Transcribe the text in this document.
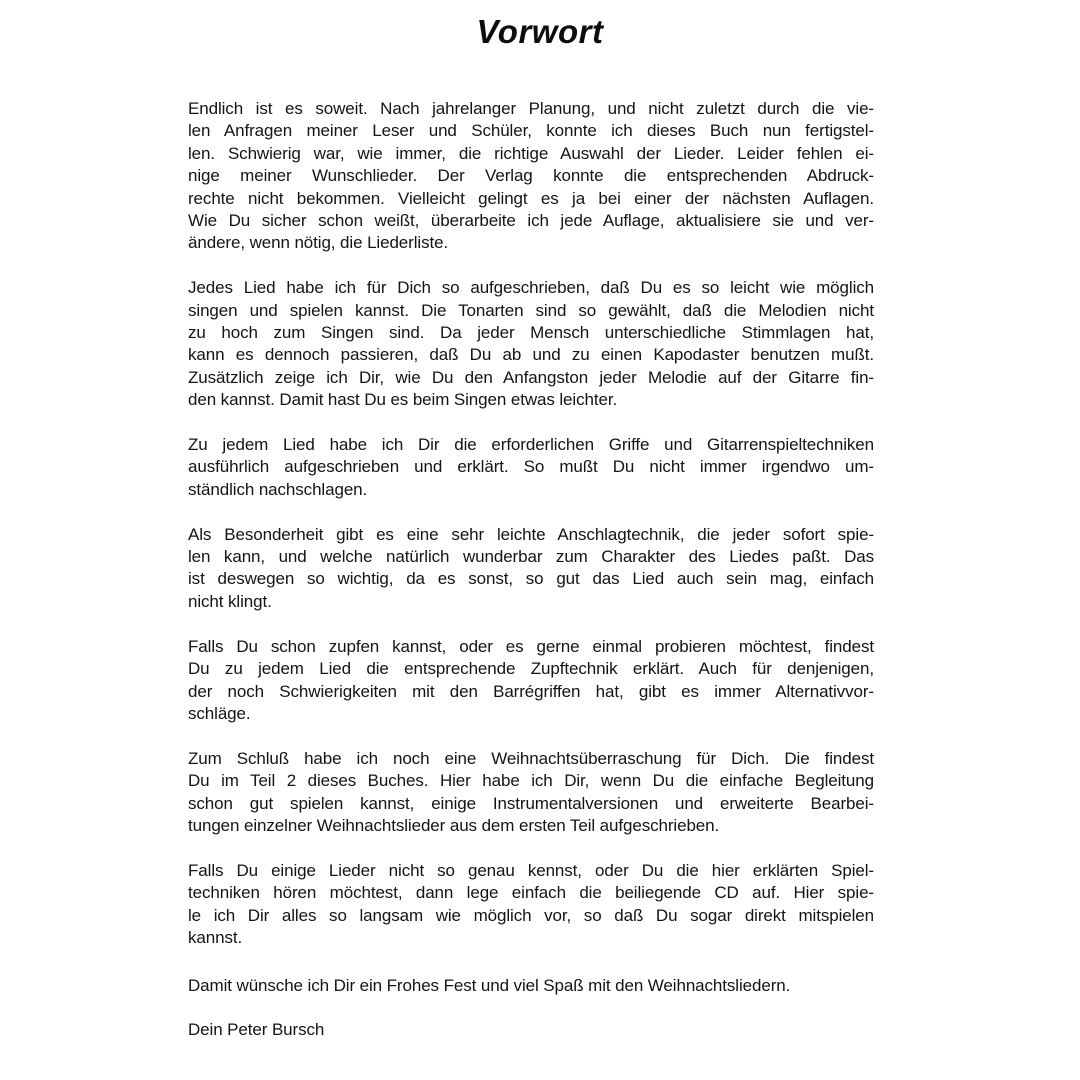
Vorwort
Endlich ist es soweit. Nach jahrelanger Planung, und nicht zuletzt durch die vie-
len Anfragen meiner Leser und Schüler, konnte ich dieses Buch nun fertigstel-
len. Schwierig war, wie immer, die richtige Auswahl der Lieder. Leider fehlen ei-
nige meiner Wunschlieder. Der Verlag konnte die entsprechenden Abdruck-
rechte nicht bekommen. Vielleicht gelingt es ja bei einer der nächsten Auflagen.
Wie Du sicher schon weißt, überarbeite ich jede Auflage, aktualisiere sie und ver-
ändere, wenn nötig, die Liederliste.
Jedes Lied habe ich für Dich so aufgeschrieben, daß Du es so leicht wie möglich
singen und spielen kannst. Die Tonarten sind so gewählt, daß die Melodien nicht
zu hoch zum Singen sind. Da jeder Mensch unterschiedliche Stimmlagen hat,
kann es dennoch passieren, daß Du ab und zu einen Kapodaster benutzen mußt.
Zusätzlich zeige ich Dir, wie Du den Anfangston jeder Melodie auf der Gitarre fin-
den kannst. Damit hast Du es beim Singen etwas leichter.
Zu jedem Lied habe ich Dir die erforderlichen Griffe und Gitarrenspieltechniken
ausführlich aufgeschrieben und erklärt. So mußt Du nicht immer irgendwo um-
ständlich nachschlagen.
Als Besonderheit gibt es eine sehr leichte Anschlagtechnik, die jeder sofort spie-
len kann, und welche natürlich wunderbar zum Charakter des Liedes paßt. Das
ist deswegen so wichtig, da es sonst, so gut das Lied auch sein mag, einfach
nicht klingt.
Falls Du schon zupfen kannst, oder es gerne einmal probieren möchtest, findest
Du zu jedem Lied die entsprechende Zupftechnik erklärt. Auch für denjenigen,
der noch Schwierigkeiten mit den Barrégriffen hat, gibt es immer Alternativvor-
schläge.
Zum Schluß habe ich noch eine Weihnachtsüberraschung für Dich. Die findest
Du im Teil 2 dieses Buches. Hier habe ich Dir, wenn Du die einfache Begleitung
schon gut spielen kannst, einige Instrumentalversionen und erweiterte Bearbei-
tungen einzelner Weihnachtslieder aus dem ersten Teil aufgeschrieben.
Falls Du einige Lieder nicht so genau kennst, oder Du die hier erklärten Spiel-
techniken hören möchtest, dann lege einfach die beiliegende CD auf. Hier spie-
le ich Dir alles so langsam wie möglich vor, so daß Du sogar direkt mitspielen
kannst.

Damit wünsche ich Dir ein Frohes Fest und viel Spaß mit den Weihnachtsliedern.

Dein Peter Bursch
